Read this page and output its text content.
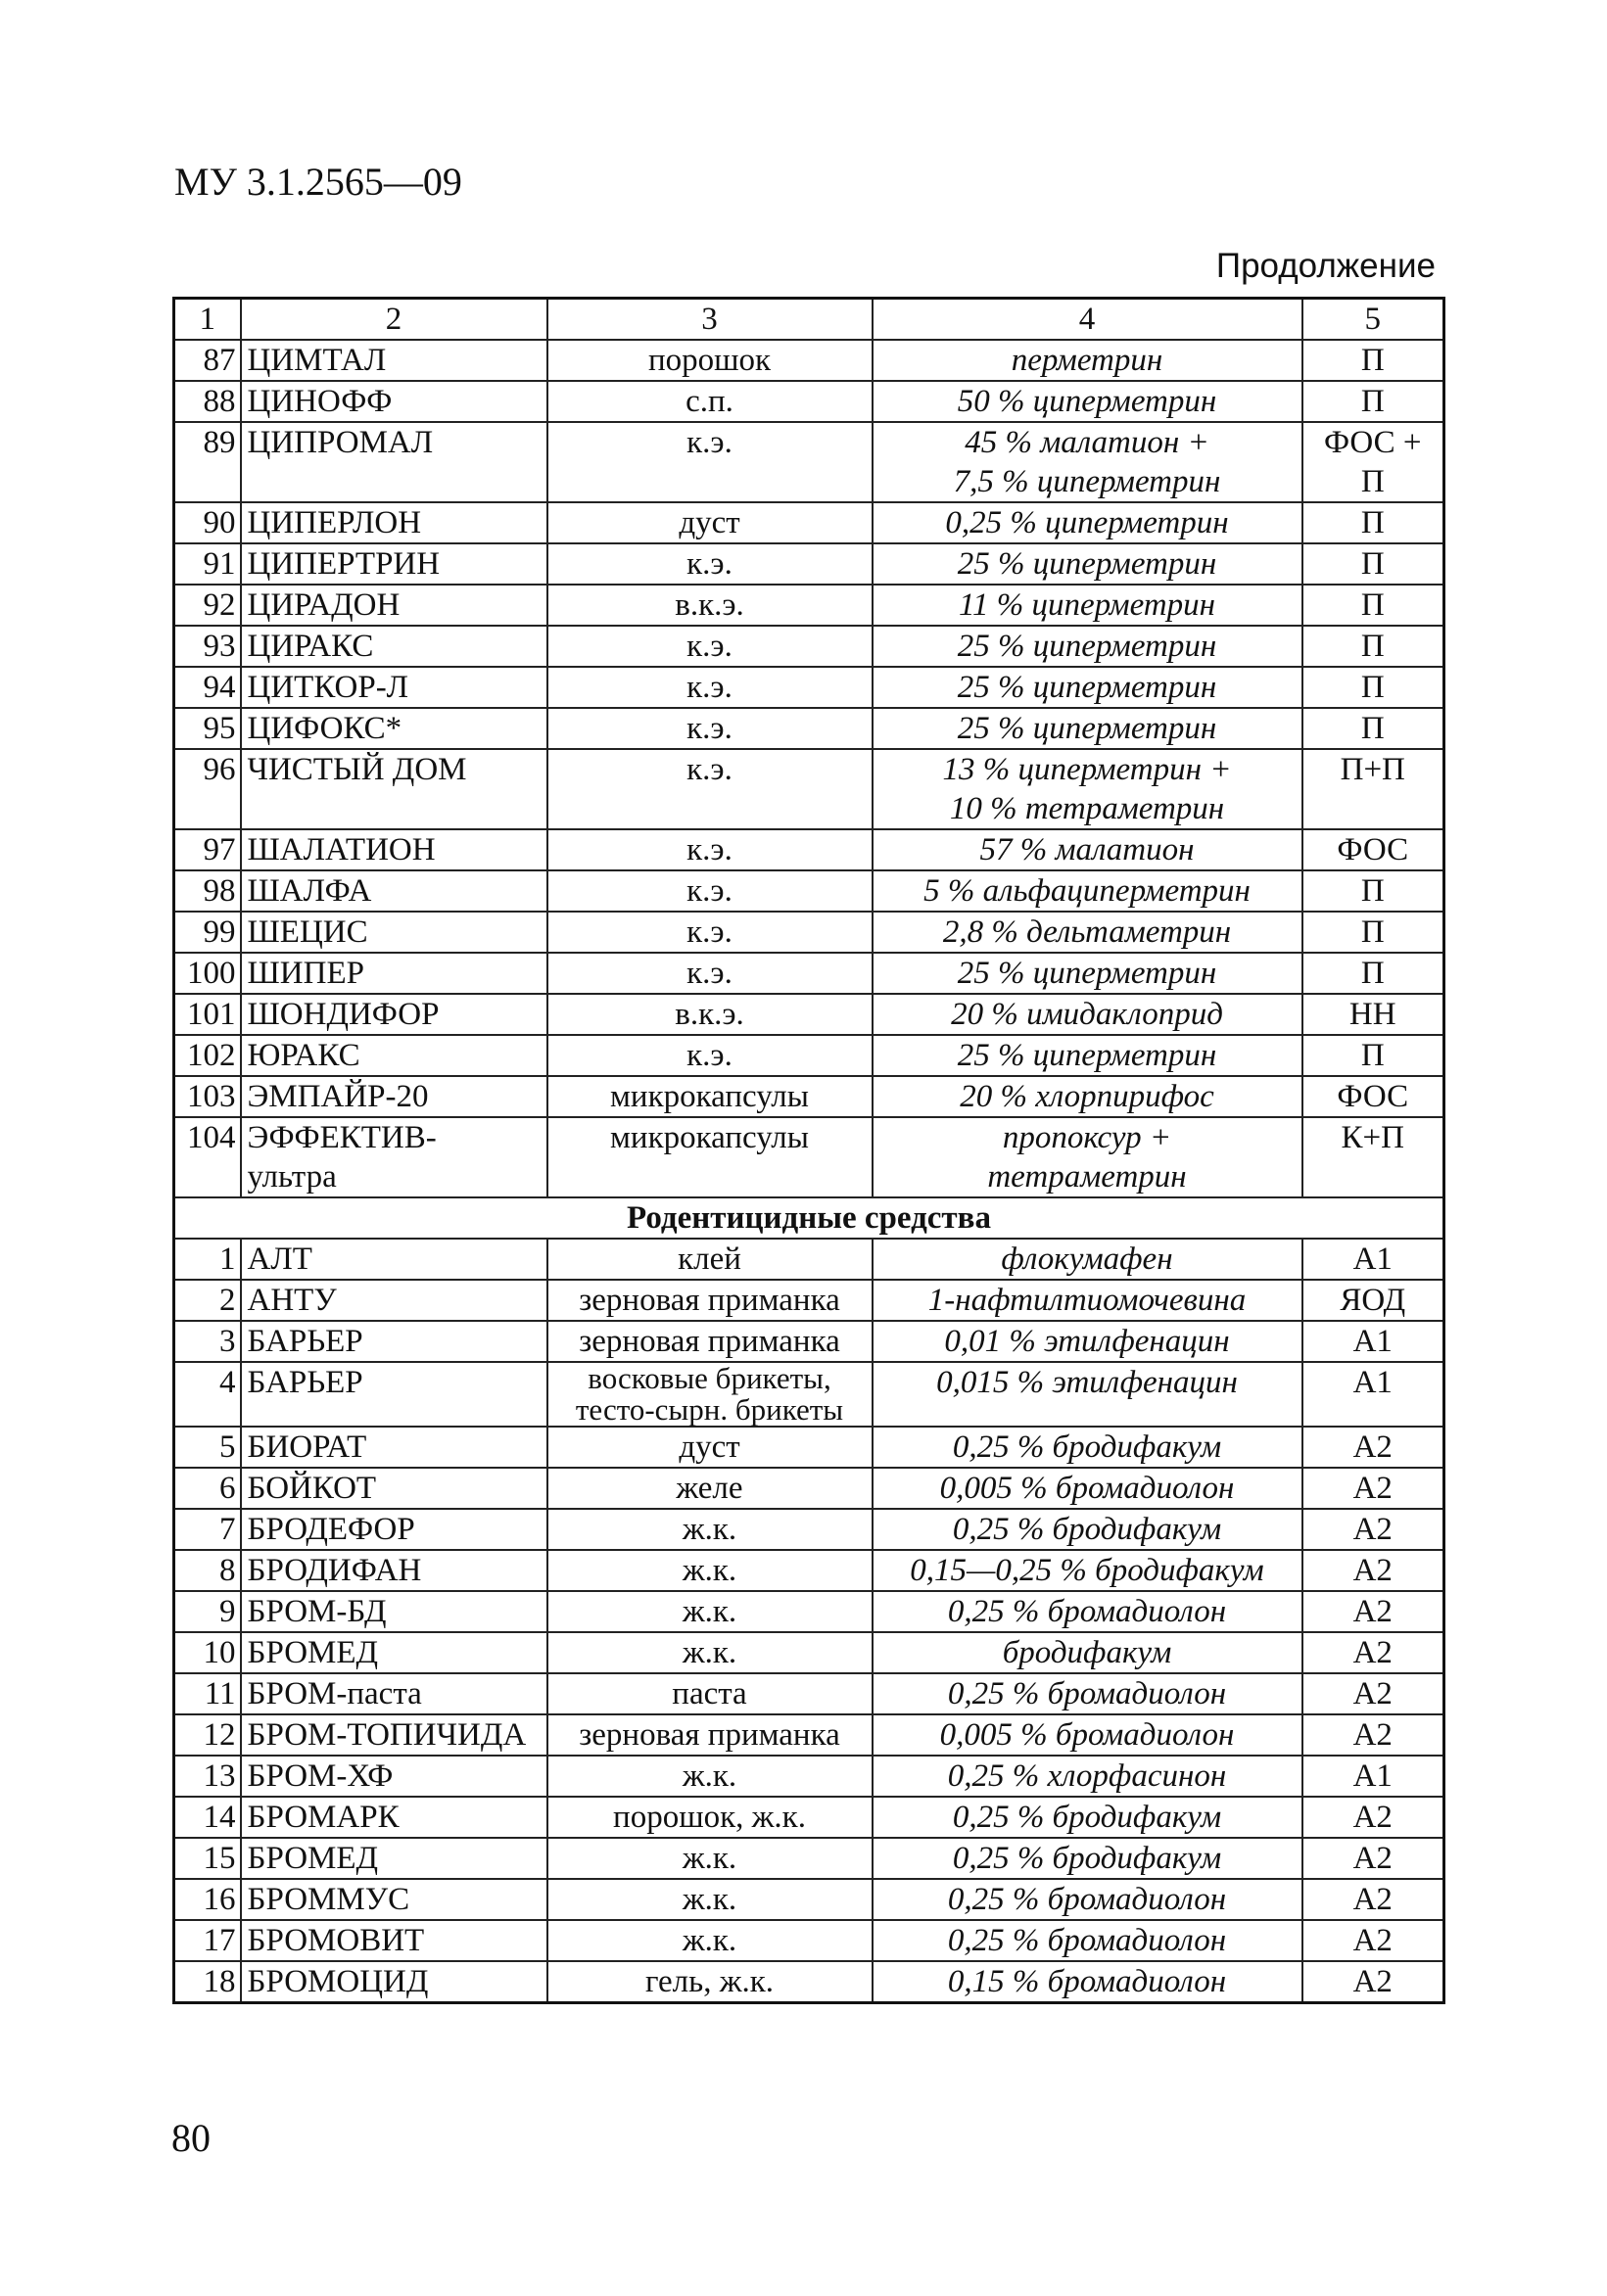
МУ 3.1.2565—09
Продолжение
1	2	3	4	5
87	ЦИМТАЛ	порошок	перметрин	П

88	ЦИНОФФ	с.п.	50 % циперметрин	П

89	ЦИПРОМАЛ	к.э.	45 % малатион +
7,5 % циперметрин	ФОС +
П

90	ЦИПЕРЛОН	дуст	0,25 % циперметрин	П

91	ЦИПЕРТРИН	к.э.	25 % циперметрин	П

92	ЦИРАДОН	в.к.э.	11 % циперметрин	П

93	ЦИРАКС	к.э.	25 % циперметрин	П

94	ЦИТКОР-Л	к.э.	25 % циперметрин	П

95	ЦИФОКС*	к.э.	25 % циперметрин	П

96	ЧИСТЫЙ ДОМ	к.э.	13 % циперметрин +
10 % тетраметрин	П+П

97	ШАЛАТИОН	к.э.	57 % малатион	ФОС

98	ШАЛФА	к.э.	5 % альфациперметрин	П

99	ШЕЦИС	к.э.	2,8 % дельтаметрин	П

100	ШИПЕР	к.э.	25 % циперметрин	П

101	ШОНДИФОР	в.к.э.	20 % имидаклоприд	НН

102	ЮРАКС	к.э.	25 % циперметрин	П

103	ЭМПАЙР-20	микрокапсулы	20 % хлорпирифос	ФОС

104	ЭФФЕКТИВ-
ультра	микрокапсулы	пропоксур +
тетраметрин	К+П

Родентицидные средства				
1	АЛТ	клей	флокумафен	А1

2	АНТУ	зерновая приманка	1-нафтилтиомочевина	ЯОД

3	БАРЬЕР	зерновая приманка	0,01 % этилфенацин	А1

4	БАРЬЕР	восковые брикеты,
тесто-сырн. брикеты	0,015 % этилфенацин	А1

5	БИОРАТ	дуст	0,25 % бродифакум	А2

6	БОЙКОТ	желе	0,005 % бромадиолон	А2

7	БРОДЕФОР	ж.к.	0,25 % бродифакум	А2

8	БРОДИФАН	ж.к.	0,15—0,25 % бродифакум	А2

9	БРОМ-БД	ж.к.	0,25 % бромадиолон	А2

10	БРОМЕД	ж.к.	бродифакум	А2

11	БРОМ-паста	паста	0,25 % бромадиолон	А2

12	БРОМ-ТОПИЧИДА	зерновая приманка	0,005 % бромадиолон	А2

13	БРОМ-ХФ	ж.к.	0,25 % хлорфасинон	А1

14	БРОМАРК	порошок, ж.к.	0,25 % бродифакум	А2

15	БРОМЕД	ж.к.	0,25 % бродифакум	А2

16	БРОММУС	ж.к.	0,25 % бромадиолон	А2

17	БРОМОВИТ	ж.к.	0,25 % бромадиолон	А2

18	БРОМОЦИД	гель, ж.к.	0,15 % бромадиолон	А2
80
